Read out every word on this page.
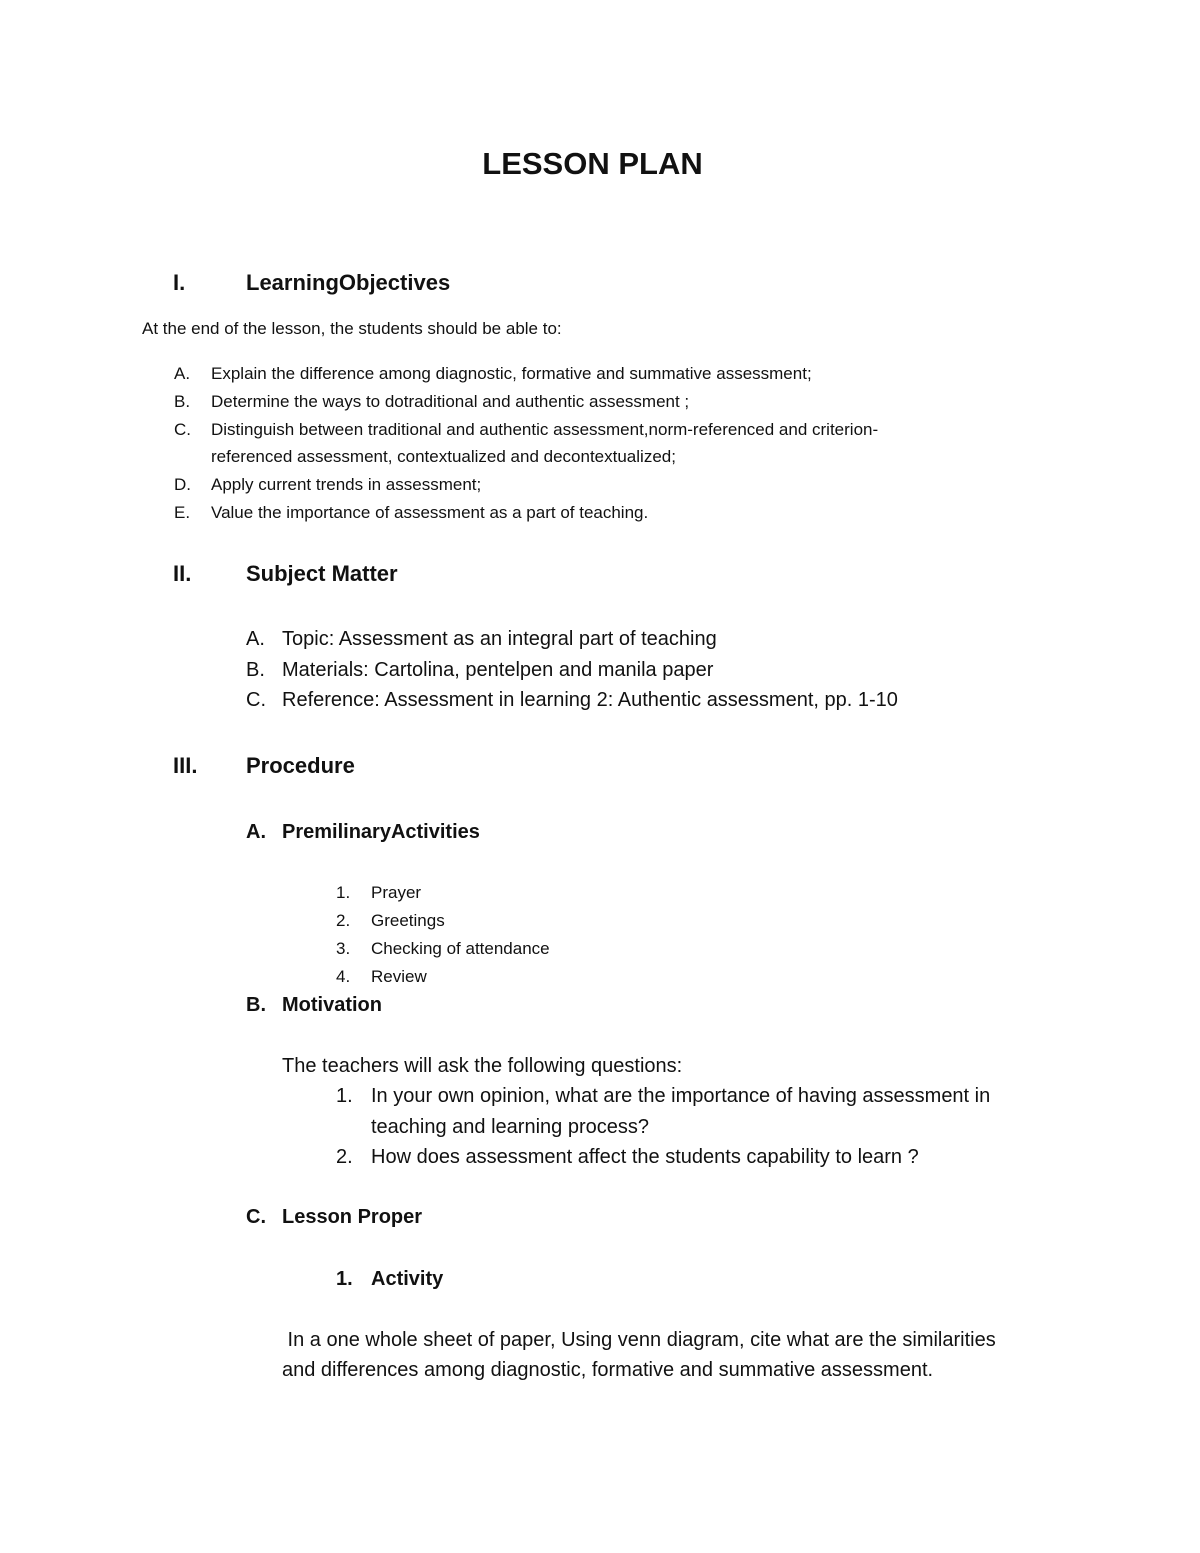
LESSON PLAN
I.	LearningObjectives
At the end of the lesson, the students should be able to:
A. Explain the difference among diagnostic, formative and summative assessment;
B. Determine the ways to dotraditional and authentic assessment ;
C. Distinguish between traditional and authentic assessment,norm-referenced and criterion-
referenced assessment, contextualized and decontextualized;
D. Apply current trends in assessment;
E. Value the importance of assessment as a part of teaching.
II. Subject Matter
A. Topic: Assessment as an integral part of teaching
B. Materials: Cartolina, pentelpen and manila paper
C. Reference: Assessment in learning 2: Authentic assessment, pp. 1-10
III. Procedure
A. PremilinaryActivities
1. Prayer
2. Greetings
3. Checking of attendance
4. Review
B. Motivation
The teachers will ask the following questions:
1. In your own opinion, what are the importance of having assessment in
teaching and learning process?
2. How does assessment affect the students capability to learn ?
C. Lesson Proper
1. Activity
In a one whole sheet of paper, Using venn diagram, cite what are the similarities
and differences among diagnostic, formative and summative assessment.
